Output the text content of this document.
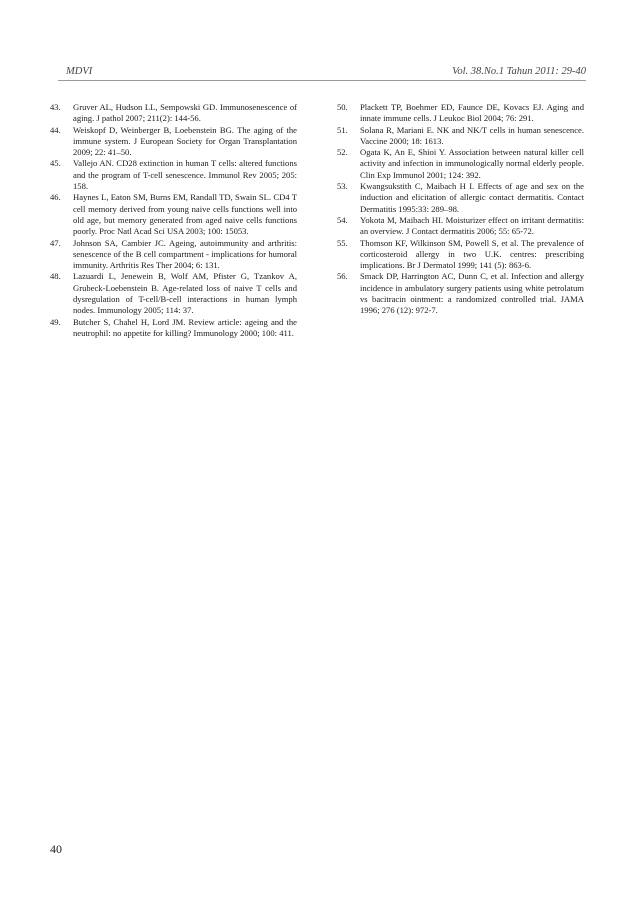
MDVI	Vol. 38.No.1 Tahun 2011: 29-40

43. Gruver AL, Hudson LL, Sempowski GD. Immunosenescence of aging. J pathol 2007; 211(2): 144-56.

44. Weiskopf D, Weinberger B, Loebenstein BG. The aging of the immune system. J European Society for Organ Transplantation 2009; 22: 41–50.

45. Vallejo AN. CD28 extinction in human T cells: altered functions and the program of T-cell senescence. Immunol Rev 2005; 205: 158.

46. Haynes L, Eaton SM, Burns EM, Randall TD, Swain SL. CD4 T cell memory derived from young naive cells functions well into old age, but memory generated from aged naive cells functions poorly. Proc Natl Acad Sci USA 2003; 100: 15053.

47. Johnson SA, Cambier JC. Ageing, autoimmunity and arthritis: senescence of the B cell compartment - implications for humoral immunity. Arthritis Res Ther 2004; 6: 131.

48. Lazuardi L, Jenewein B, Wolf AM, Pfister G, Tzankov A, Grubeck-Loebenstein B. Age-related loss of naive T cells and dysregulation of T-cell/B-cell interactions in human lymph nodes. Immunology 2005; 114: 37.

49. Butcher S, Chahel H, Lord JM. Review article: ageing and the neutrophil: no appetite for killing? Immunology 2000; 100: 411.

50. Plackett TP, Boehmer ED, Faunce DE, Kovacs EJ. Aging and innate immune cells. J Leukoc Biol 2004; 76: 291.

51. Solana R, Mariani E. NK and NK/T cells in human senescence. Vaccine 2000; 18: 1613.

52. Ogata K, An E, Shioi Y. Association between natural killer cell activity and infection in immunologically normal elderly people. Clin Exp Immunol 2001; 124: 392.

53. Kwangsukstith C, Maibach H I. Effects of age and sex on the induction and elicitation of allergic contact dermatitis. Contact Dermatitis 1995:33: 289–98.

54. Yokota M, Maibach HI. Moisturizer effect on irritant dermatitis: an overview. J Contact dermatitis 2006; 55: 65-72.

55. Thomson KF, Wilkinson SM, Powell S, et al. The prevalence of corticosteroid allergy in two U.K. centres: prescribing implications. Br J Dermatol 1999; 141 (5): 863-6.

56. Smack DP, Harrington AC, Dunn C, et al. Infection and allergy incidence in ambulatory surgery patients using white petrolatum vs bacitracin ointment: a randomized controlled trial. JAMA 1996; 276 (12): 972-7.

40
